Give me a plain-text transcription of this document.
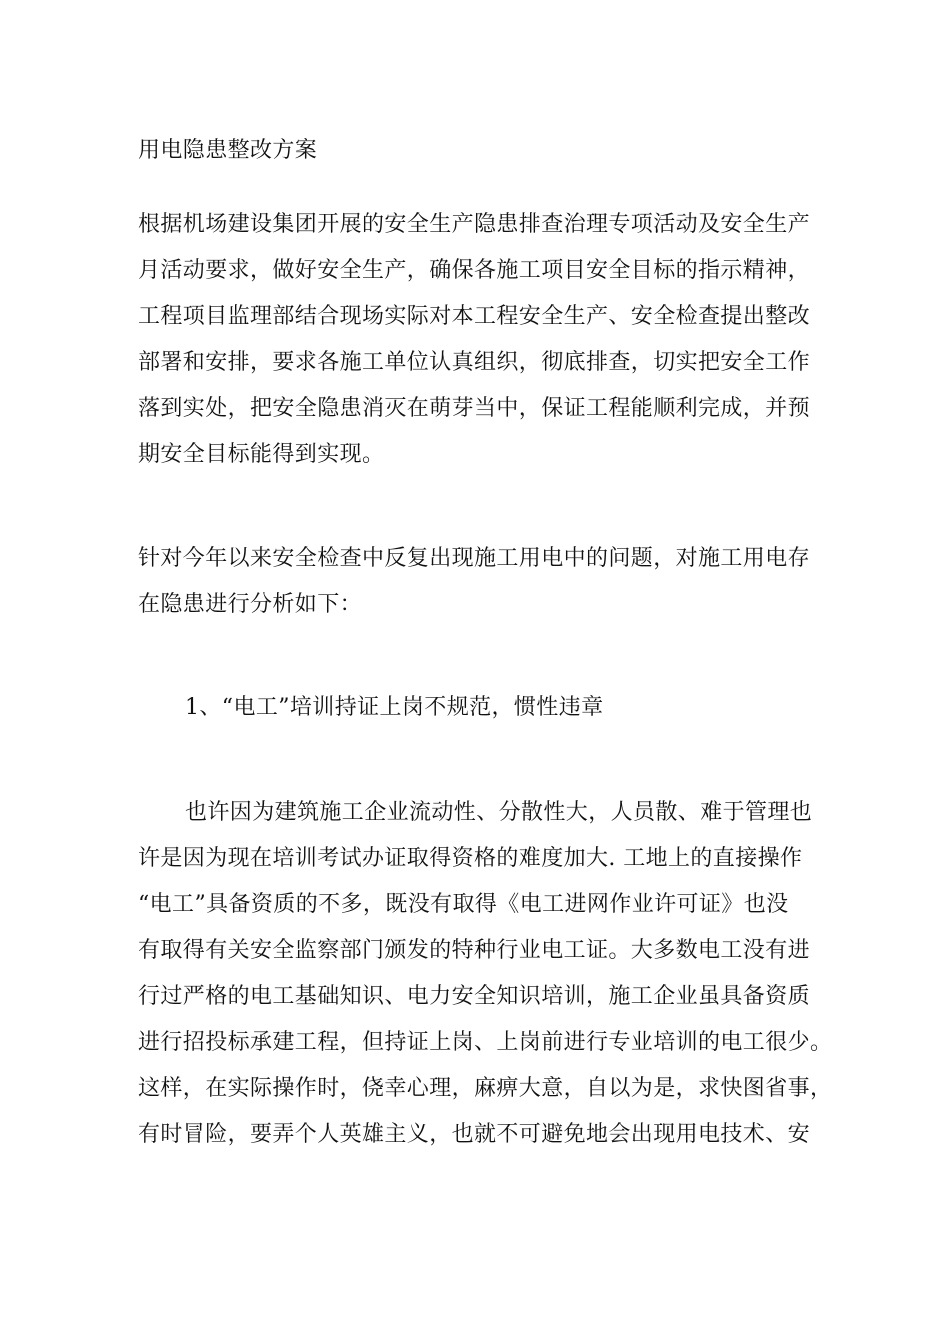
用电隐患整改方案
根据机场建设集团开展的安全生产隐患排查治理专项活动及安全生产
月活动要求，做好安全生产，确保各施工项目安全目标的指示精神，
工程项目监理部结合现场实际对本工程安全生产、安全检查提出整改
部署和安排，要求各施工单位认真组织，彻底排查，切实把安全工作
落到实处，把安全隐患消灭在萌芽当中，保证工程能顺利完成，并预
期安全目标能得到实现。
针对今年以来安全检查中反复出现施工用电中的问题，对施工用电存
在隐患进行分析如下：
1、“电工”培训持证上岗不规范，惯性违章
也许因为建筑施工企业流动性、分散性大，人员散、难于管理也
许是因为现在培训考试办证取得资格的难度加大. 工地上的直接操作
“电工”具备资质的不多，既没有取得《电工进网作业许可证》也没
有取得有关安全监察部门颁发的特种行业电工证。大多数电工没有进
行过严格的电工基础知识、电力安全知识培训，施工企业虽具备资质
进行招投标承建工程，但持证上岗、上岗前进行专业培训的电工很少。
这样，在实际操作时，侥幸心理，麻痹大意，自以为是，求快图省事，
有时冒险，要弄个人英雄主义，也就不可避免地会出现用电技术、安
